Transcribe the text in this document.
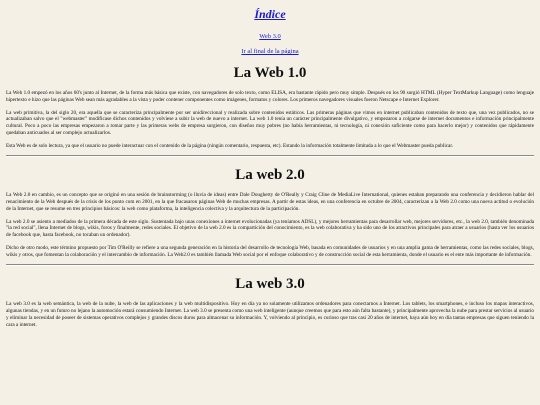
Índice
Web 3.0
Ir al final de la página
La Web 1.0

La Web 1.0 empezó en los años 60's junto al Internet, de la forma más básica que existe, con navegadores de solo texto, como ELISA, era bastante rápido pero muy simple. Después en los 90 surgió HTML (Hyper TextMarkup Language) como lenguaje hipertexto e hizo que las páginas Web sean más agradables a la vista y poder contener componentes como imágenes, formatos y colores. Los primeros navegadores visuales fueron Netscape e Internet Explorer.

La web primitiva, la del siglo 20, era aquella que se caracteriza principalmente por ser unidireccional y realizada sobre contenidos estáticos. Las primeras páginas que vimos en internet publicaban contenidos de texto que, una vez publicados, no se actualizaban salvo que el "webmaster" modificase dichos contenidos y volviese a subir la web de nuevo a internet. La web 1.0 tenía un carácter principalmente divulgativo, y empezaron a colgarse de internet documentos e información principalmente cultural. Poco a poco las empresas empezaron a tomar parte y las primeras webs de empresa surgieron, con diseños muy pobres (no había herramientas, ni tecnología, ni conexión suficiente como para hacerlo mejor) y contenidos que rápidamente quedaban anticuados al ser complejo actualizarlos.

Esta Web es de solo lectura, ya que el usuario no puede interactuar con el contenido de la página (ningún comentario, respuesta, etc). Estando la información totalmente limitada a lo que el Webmaster pueda publicar.

La web 2.0

La Web 2.0 en cambio, es un concepto que se originó en una sesión de brainstorming (o lluvia de ideas) entre Dale Dougherty de O'Really y Craig Cline de MediaLive International, quienes estaban preparando una conferencia y decidieron hablar del renacimiento de la Web después de la crisis de los punto com en 2001, en la que fracasaron páginas Web de muchas empresas. A partir de estas ideas, en una conferencia en octubre de 2004, caracterizan a la Web 2.0 como una nueva actitud o evolución de la Internet, que se resume en tres principios básicos: la web como plataforma, la inteligencia colectiva y la arquitectura de la participación.

La web 2.0 se asiento a mediados de la primera década de este siglo. Sustentada bajo unas conexiones a internet evolucionadas (ya teníamos ADSL), y mejores herramientas para desarrollar web, mejores servidores, etc., la web 2.0, también denominada "la red social", llena Internet de blogs, wikis, foros y finalmente, redes sociales. El objetivo de la web 2.0 es la compartición del conocimiento, es la web colaborativa y ha sido uno de los atractivos principales para atraer a usuarios (hasta ver los usuarios de facebook que, hasta facebook, no tocaban un ordenador).

Dicho de otro modo, este término propuesto por Tim O'Reilly se refiere a una segunda generación en la historia del desarrollo de tecnología Web, basada en comunidades de usuarios y en una amplia gama de herramientas, como las redes sociales, blogs, wikis y otros, que fomentan la colaboración y el intercambio de información. La Web2.0 es también llamada Web social por el enfoque colaborativo y de construcción social de esta herramienta, donde el usuario es el ente más importante de información.

La web 3.0

La web 3.0 es la web semántica, la web de la nube, la web de las aplicaciones y la web multidispositivo. Hoy en día ya no solamente utilizamos ordenadores para conectarnos a Internet. Los tablets, los smartphones, e incluso los mapas interactivos, algunas tiendas, y en un futuro no lejano la automoción estará consumiendo Internet. La web 3.0 se presenta como una web inteligente (aunque creemos que para esto aún falta bastante), y principalmente aprovecha la nube para prestar servicios al usuario y eliminar la necesidad de poseer de sistemas operativos complejos y grandes discos duros para almacenar su información. Y, volviendo al principio, es curioso que tras casi 20 años de internet, haya aún hoy en día tantas empresas que siguen teniendo la cara a internet.
